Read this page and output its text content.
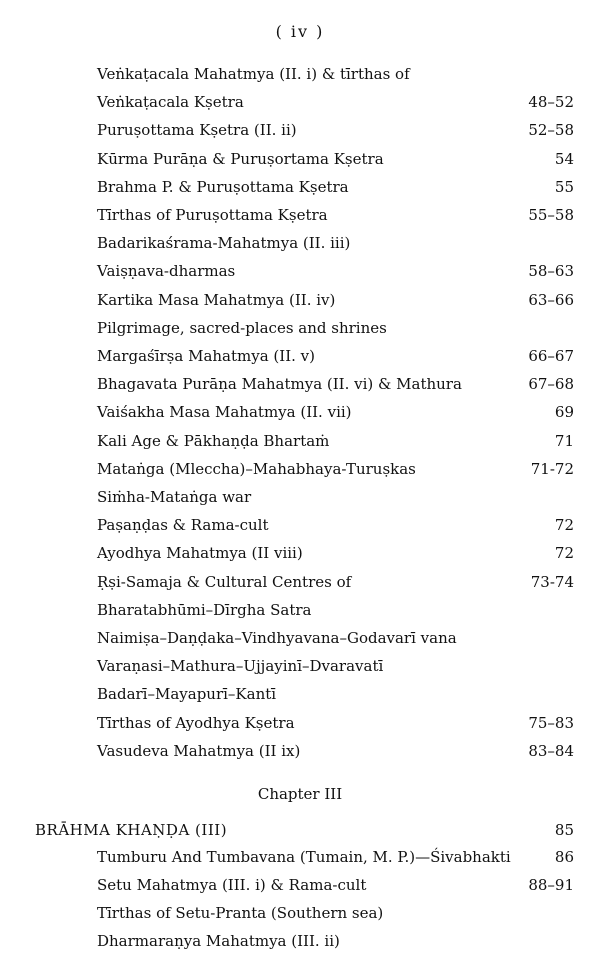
( iv )
Veṅkaṭacala Mahatmya (II. i) & tīrthas of
Veṅkaṭacala Kṣetra	48–52
Puruṣottama Kṣetra (II. ii)	52–58
Kūrma Purāṇa & Puruṣortama Kṣetra	54
Brahma P. & Puruṣottama Kṣetra	55
Tīrthas of Puruṣottama Kṣetra	55–58
Badarikaśrama-Mahatmya (II. iii)
Vaiṣṇava-dharmas	58–63
Kartika Masa Mahatmya (II. iv)	63–66
Pilgrimage, sacred-places and shrines
Margaśīrṣa Mahatmya (II. v)	66–67
Bhagavata Purāṇa Mahatmya (II. vi) & Mathura	67–68
Vaiśakha Masa Mahatmya (II. vii)	69
Kali Age & Pākhaṇḍa Bhartaṁ	71
Mataṅga (Mleccha)–Mahabhaya-Turuṣkas	71-72
Siṁha-Mataṅga war
Paṣaṇḍas & Rama-cult	72
Ayodhya Mahatmya (II viii)	72
Ṛṣi-Samaja & Cultural Centres of	73-74
Bharatabhūmi–Dīrgha Satra
Naimiṣa–Daṇḍaka–Vindhyavana–Godavarī vana
Varaṇasi–Mathura–Ujjayinī–Dvaravatī
Badarī–Mayapurī–Kantī
Tīrthas of Ayodhya Kṣetra	75–83
Vasudeva Mahatmya (II ix)	83–84
Chapter III
BRĀHMA KHAṆḌA (III)	85
Tumburu And Tumbavana (Tumain, M. P.)—Śivabhakti	86
Setu Mahatmya (III. i) & Rama-cult	88–91
Tīrthas of Setu-Pranta (Southern sea)
Dharmaraṇya Mahatmya (III. ii)
